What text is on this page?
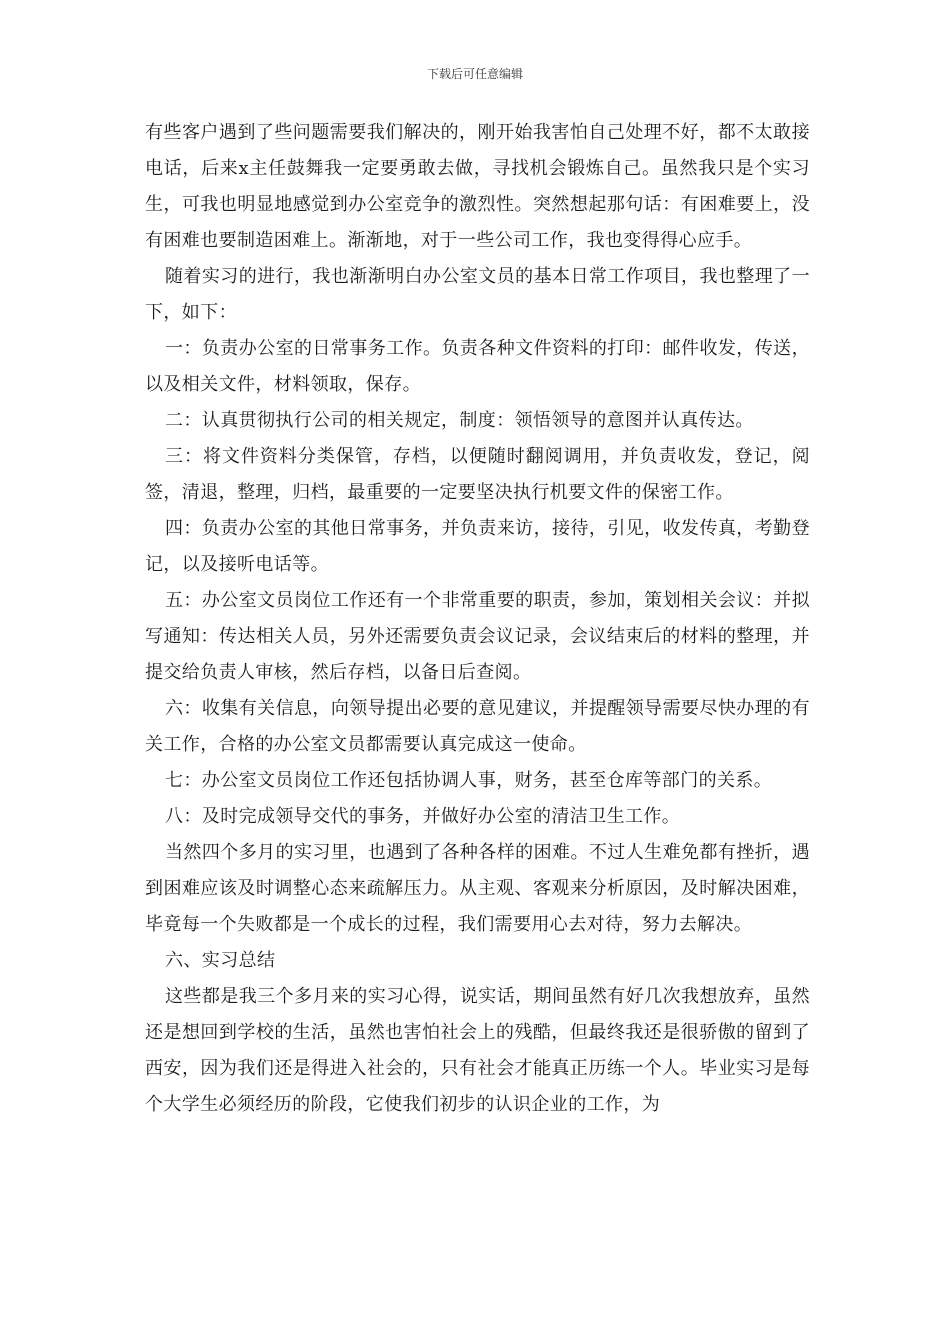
下载后可任意编辑

有些客户遇到了些问题需要我们解决的，刚开始我害怕自己处理不好，都不太敢接电话，后来x主任鼓舞我一定要勇敢去做，寻找机会锻炼自己。虽然我只是个实习生，可我也明显地感觉到办公室竞争的激烈性。突然想起那句话：有困难要上，没有困难也要制造困难上。渐渐地，对于一些公司工作，我也变得得心应手。

随着实习的进行，我也渐渐明白办公室文员的基本日常工作项目，我也整理了一下，如下：

一：负责办公室的日常事务工作。负责各种文件资料的打印：邮件收发，传送，以及相关文件，材料领取，保存。

二：认真贯彻执行公司的相关规定，制度：领悟领导的意图并认真传达。

三：将文件资料分类保管，存档，以便随时翻阅调用，并负责收发，登记，阅签，清退，整理，归档，最重要的一定要坚决执行机要文件的保密工作。

四：负责办公室的其他日常事务，并负责来访，接待，引见，收发传真，考勤登记，以及接听电话等。

五：办公室文员岗位工作还有一个非常重要的职责，参加，策划相关会议：并拟写通知：传达相关人员，另外还需要负责会议记录，会议结束后的材料的整理，并提交给负责人审核，然后存档，以备日后查阅。

六：收集有关信息，向领导提出必要的意见建议，并提醒领导需要尽快办理的有关工作，合格的办公室文员都需要认真完成这一使命。

七：办公室文员岗位工作还包括协调人事，财务，甚至仓库等部门的关系。

八：及时完成领导交代的事务，并做好办公室的清洁卫生工作。

当然四个多月的实习里，也遇到了各种各样的困难。不过人生难免都有挫折，遇到困难应该及时调整心态来疏解压力。从主观、客观来分析原因，及时解决困难，毕竟每一个失败都是一个成长的过程，我们需要用心去对待，努力去解决。

六、实习总结

这些都是我三个多月来的实习心得，说实话，期间虽然有好几次我想放弃，虽然还是想回到学校的生活，虽然也害怕社会上的残酷，但最终我还是很骄傲的留到了西安，因为我们还是得进入社会的，只有社会才能真正历练一个人。毕业实习是每个大学生必须经历的阶段，它使我们初步的认识企业的工作，为
